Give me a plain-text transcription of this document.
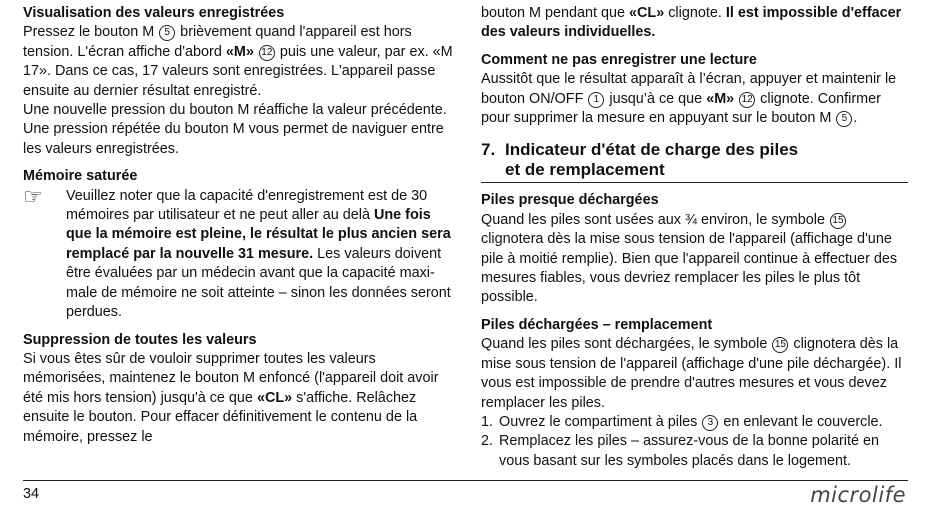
Visualisation des valeurs enregistrées

Pressez le bouton M 5 brièvement quand l'appareil est hors tension. L'écran affiche d'abord «M» 12 puis une valeur, par ex. «M 17». Dans ce cas, 17 valeurs sont enregistrées. L'appareil passe ensuite au dernier résultat enregistré.

Une nouvelle pression du bouton M réaffiche la valeur précédente. Une pression répétée du bouton M vous permet de naviguer entre les valeurs enregistrées.

Mémoire saturée

☞	Veuillez noter que la capacité d'enregistrement est de 30 mémoires par utilisateur et ne peut aller au delà Une fois que la mémoire est pleine, le résultat le plus ancien sera remplacé par la nouvelle 31 mesure. Les valeurs doivent être évaluées par un médecin avant que la capacité maxi-male de mémoire ne soit atteinte – sinon les données seront perdues.

Suppression de toutes les valeurs

Si vous êtes sûr de vouloir supprimer toutes les valeurs mémorisées, maintenez le bouton M enfoncé (l'appareil doit avoir été mis hors tension) jusqu'à ce que «CL» s'affiche. Relâchez ensuite le bouton. Pour effacer définitivement le contenu de la mémoire, pressez le

bouton M pendant que «CL» clignote. Il est impossible d'effacer des valeurs individuelles.

Comment ne pas enregistrer une lecture

Aussitôt que le résultat apparaît à l’écran, appuyer et maintenir le bouton ON/OFF 1 jusqu’à ce que «M» 12 clignote. Confirmer pour supprimer la mesure en appuyant sur le bouton M 5 .

7. Indicateur d'état de charge des piles
et de remplacement

Piles presque déchargées

Quand les piles sont usées aux ¾ environ, le symbole 15 clignotera dès la mise sous tension de l'appareil (affichage d'une pile à moitié remplie). Bien que l'appareil continue à effectuer des mesures fiables, vous devriez remplacer les piles le plus tôt possible.

Piles déchargées – remplacement

Quand les piles sont déchargées, le symbole 15 clignotera dès la mise sous tension de l'appareil (affichage d'une pile déchargée). Il vous est impossible de prendre d'autres mesures et vous devez remplacer les piles.

1. Ouvrez le compartiment à piles 3 en enlevant le couvercle.
2. Remplacez les piles – assurez-vous de la bonne polarité en vous basant sur les symboles placés dans le logement.
34	microlife
